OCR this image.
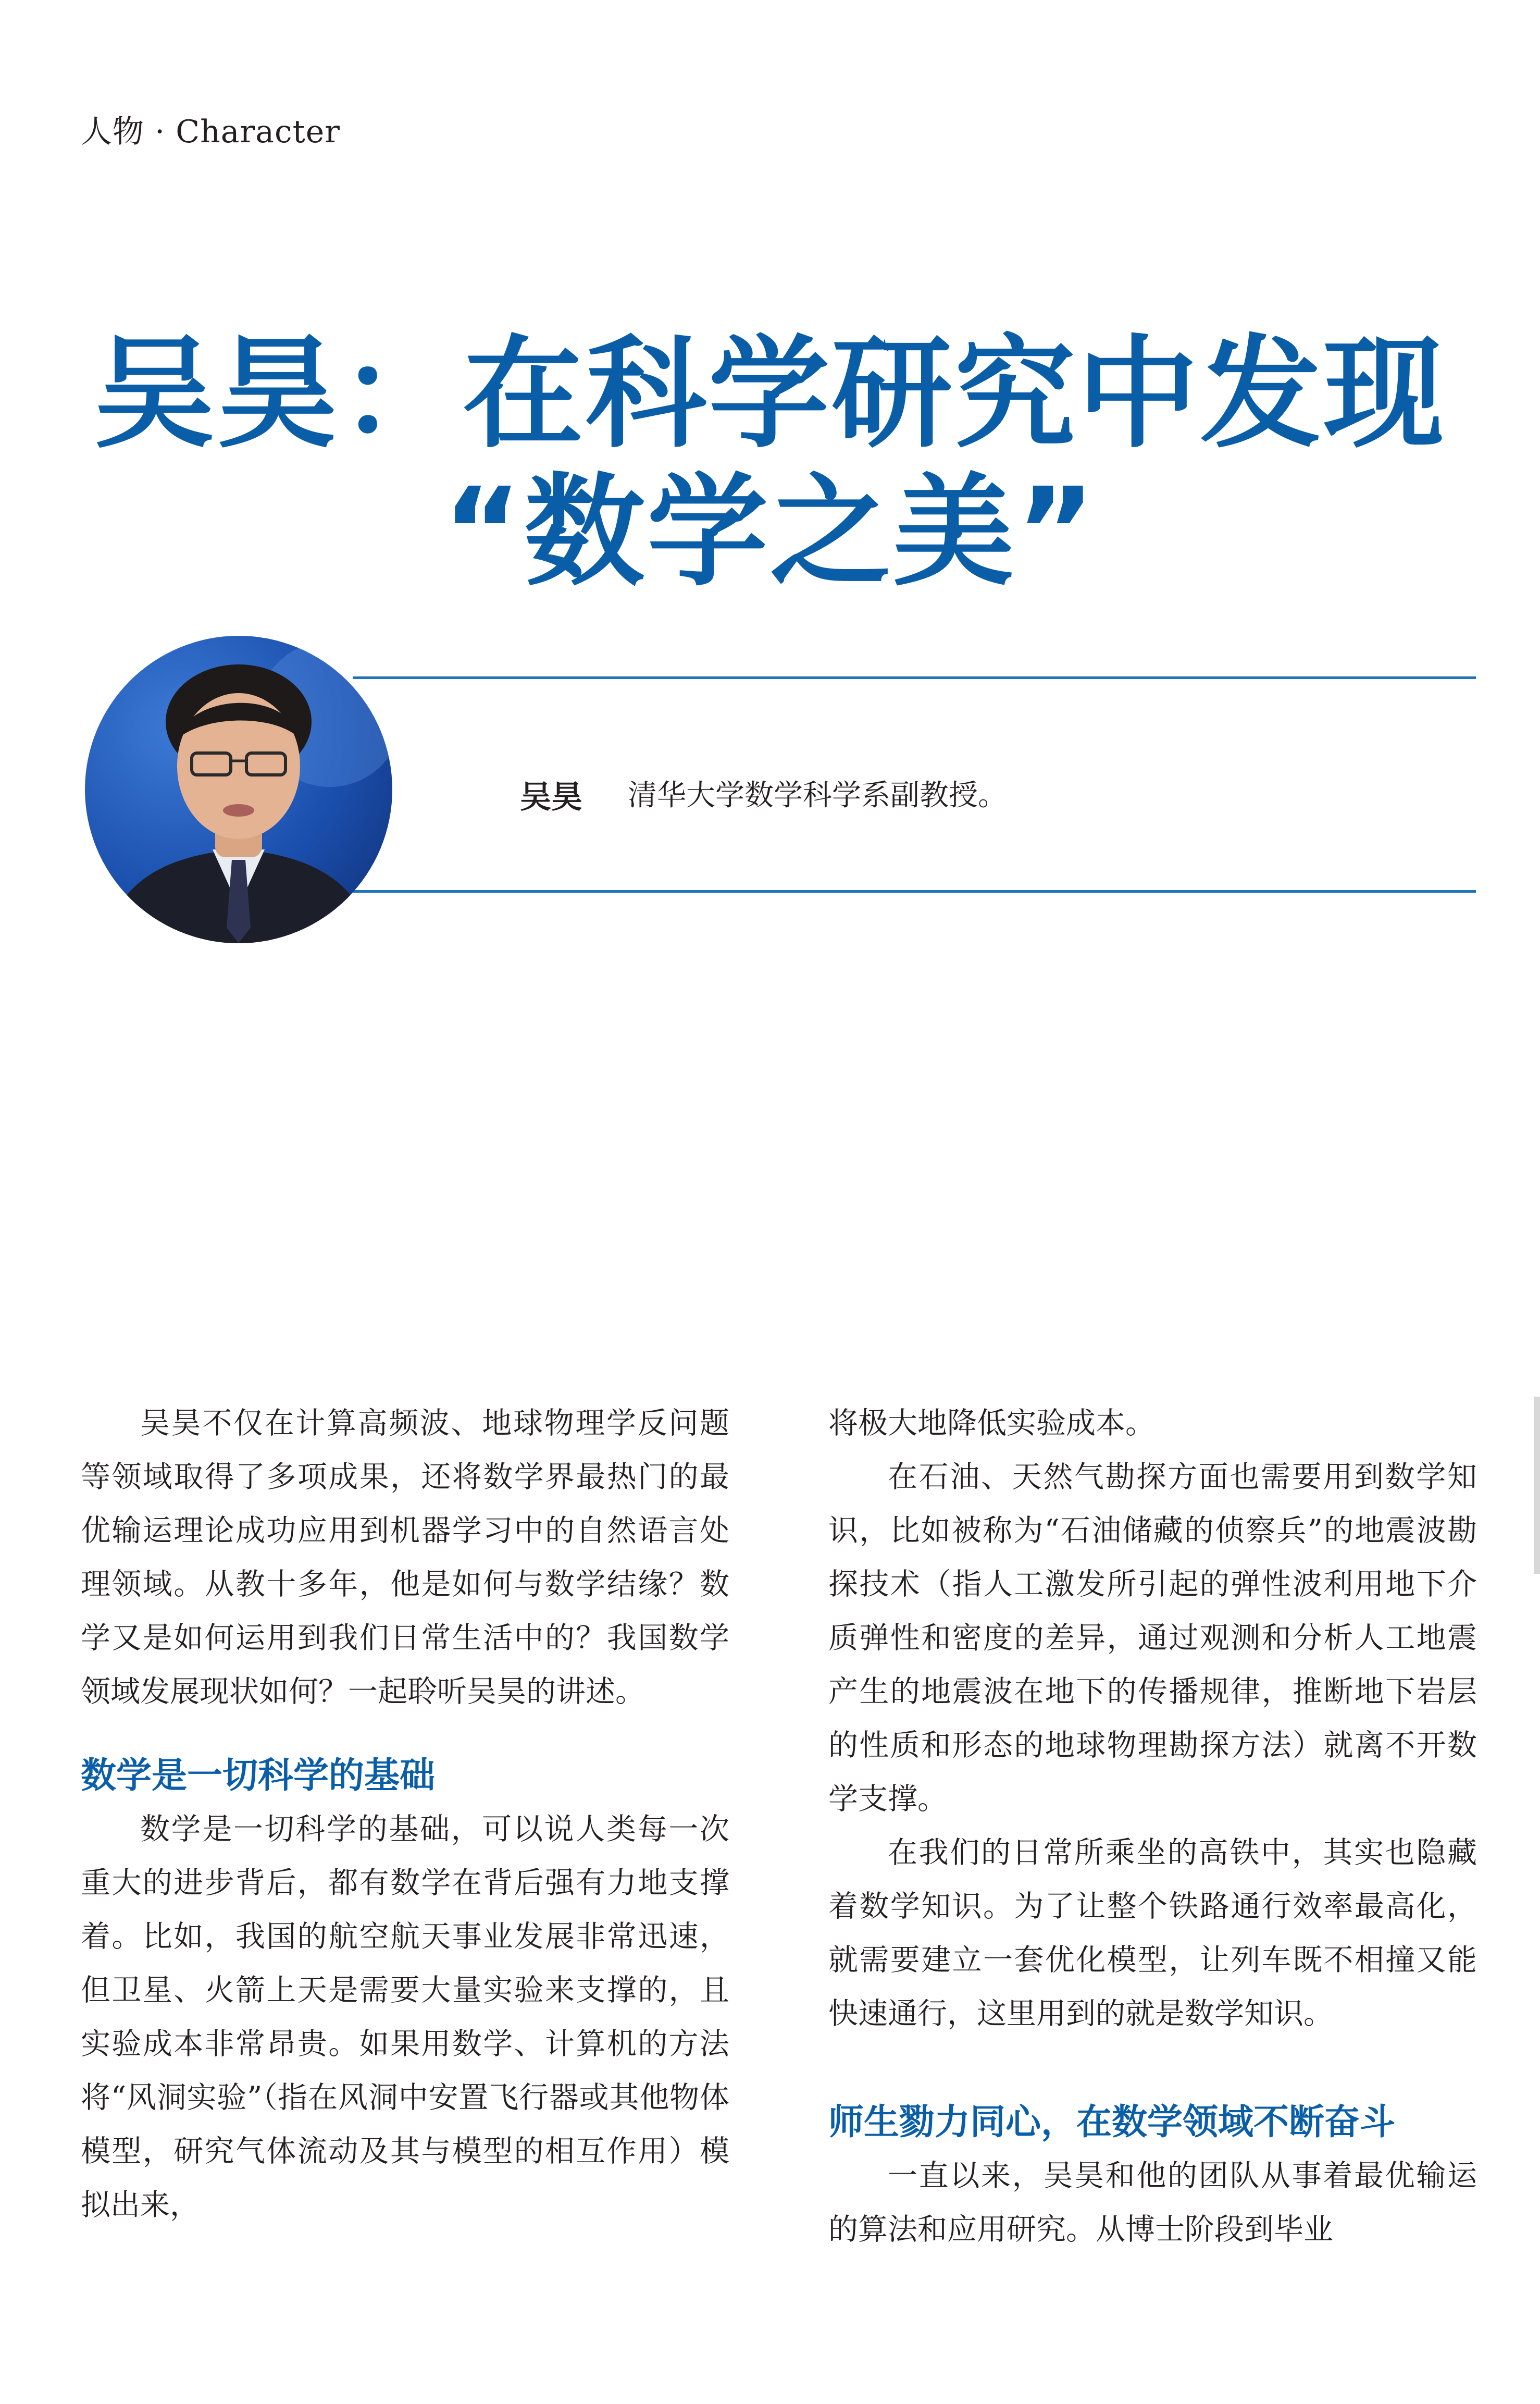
人物 · Character
吴昊：在科学研究中发现
“数学之美”
吴昊 清华大学数学科学系副教授。

吴昊不仅在计算高频波、地球物理学反问题等领域取得了多项成果，还将数学界最热门的最优输运理论成功应用到机器学习中的自然语言处理领域。从教十多年，他是如何与数学结缘？数学又是如何运用到我们日常生活中的？我国数学领域发展现状如何？一起聆听吴昊的讲述。

数学是一切科学的基础

数学是一切科学的基础，可以说人类每一次重大的进步背后，都有数学在背后强有力地支撑着。比如，我国的航空航天事业发展非常迅速，但卫星、火箭上天是需要大量实验来支撑的，且实验成本非常昂贵。如果用数学、计算机的方法将“风洞实验”（指在风洞中安置飞行器或其他物体模型，研究气体流动及其与模型的相互作用）模拟出来，

将极大地降低实验成本。

在石油、天然气勘探方面也需要用到数学知识，比如被称为“石油储藏的侦察兵”的地震波勘探技术（指人工激发所引起的弹性波利用地下介质弹性和密度的差异，通过观测和分析人工地震产生的地震波在地下的传播规律，推断地下岩层的性质和形态的地球物理勘探方法）就离不开数学支撑。

在我们的日常所乘坐的高铁中，其实也隐藏着数学知识。为了让整个铁路通行效率最高化，就需要建立一套优化模型，让列车既不相撞又能快速通行，这里用到的就是数学知识。

师生勠力同心，在数学领域不断奋斗

一直以来，吴昊和他的团队从事着最优输运的算法和应用研究。从博士阶段到毕业
